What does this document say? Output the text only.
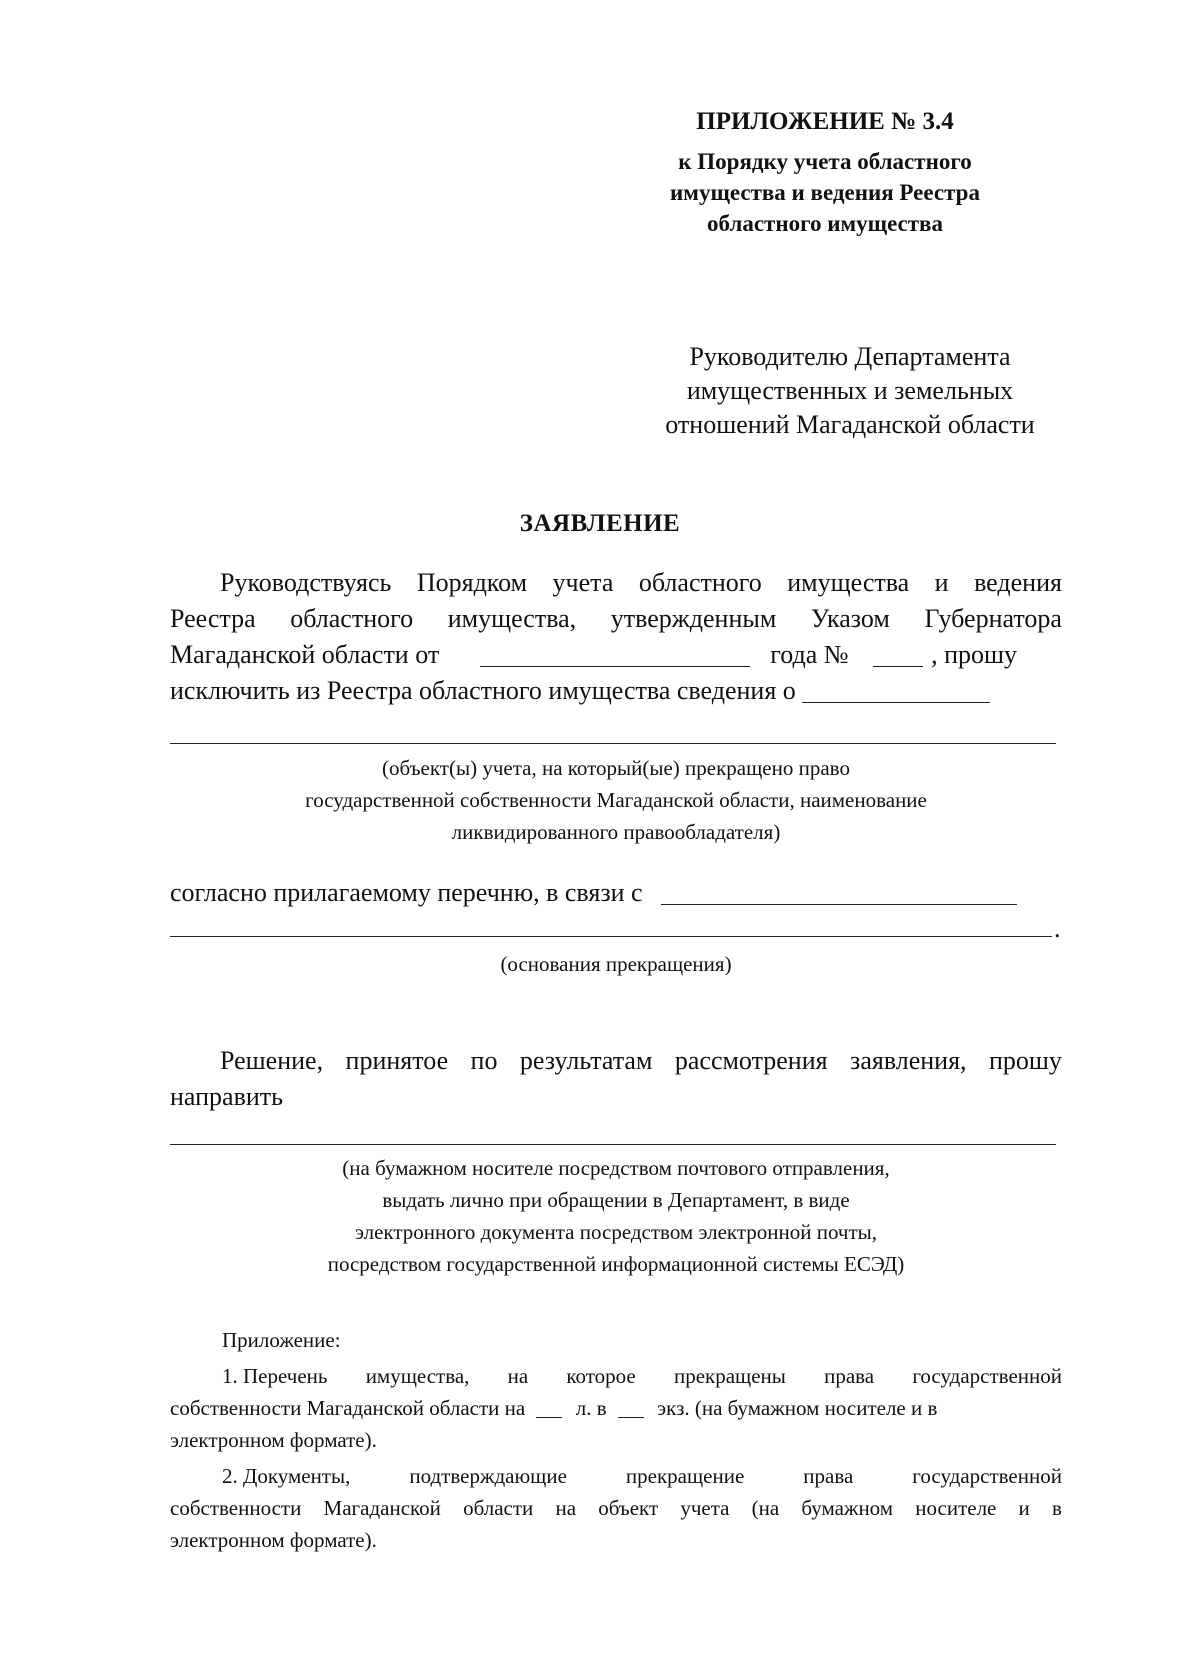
ПРИЛОЖЕНИЕ № 3.4
к Порядку учета областного
имущества и ведения Реестра
областного имущества
Руководителю Департамента
имущественных и земельных
отношений Магаданской области
ЗАЯВЛЕНИЕ
Руководствуясь Порядком учета областного имущества и ведения
Реестра областного имущества, утвержденным Указом Губернатора
Магаданской области от	года №	, прошу
исключить из Реестра областного имущества сведения о
(объект(ы) учета, на который(ые) прекращено право
государственной собственности Магаданской области, наименование
ликвидированного правообладателя)
согласно прилагаемому перечню, в связи с
.
(основания прекращения)
Решение, принятое по результатам рассмотрения заявления, прошу
направить
(на бумажном носителе посредством почтового отправления,
выдать лично при обращении в Департамент, в виде
электронного документа посредством электронной почты,
посредством государственной информационной системы ЕСЭД)
Приложение:
1. Перечень имущества, на которое прекращены права государственной
собственности Магаданской области на л. в экз. (на бумажном носителе и в
электронном формате).
2. Документы,	подтверждающие	прекращение	права	государственной
собственности Магаданской области на объект учета (на бумажном носителе и в
электронном формате).
